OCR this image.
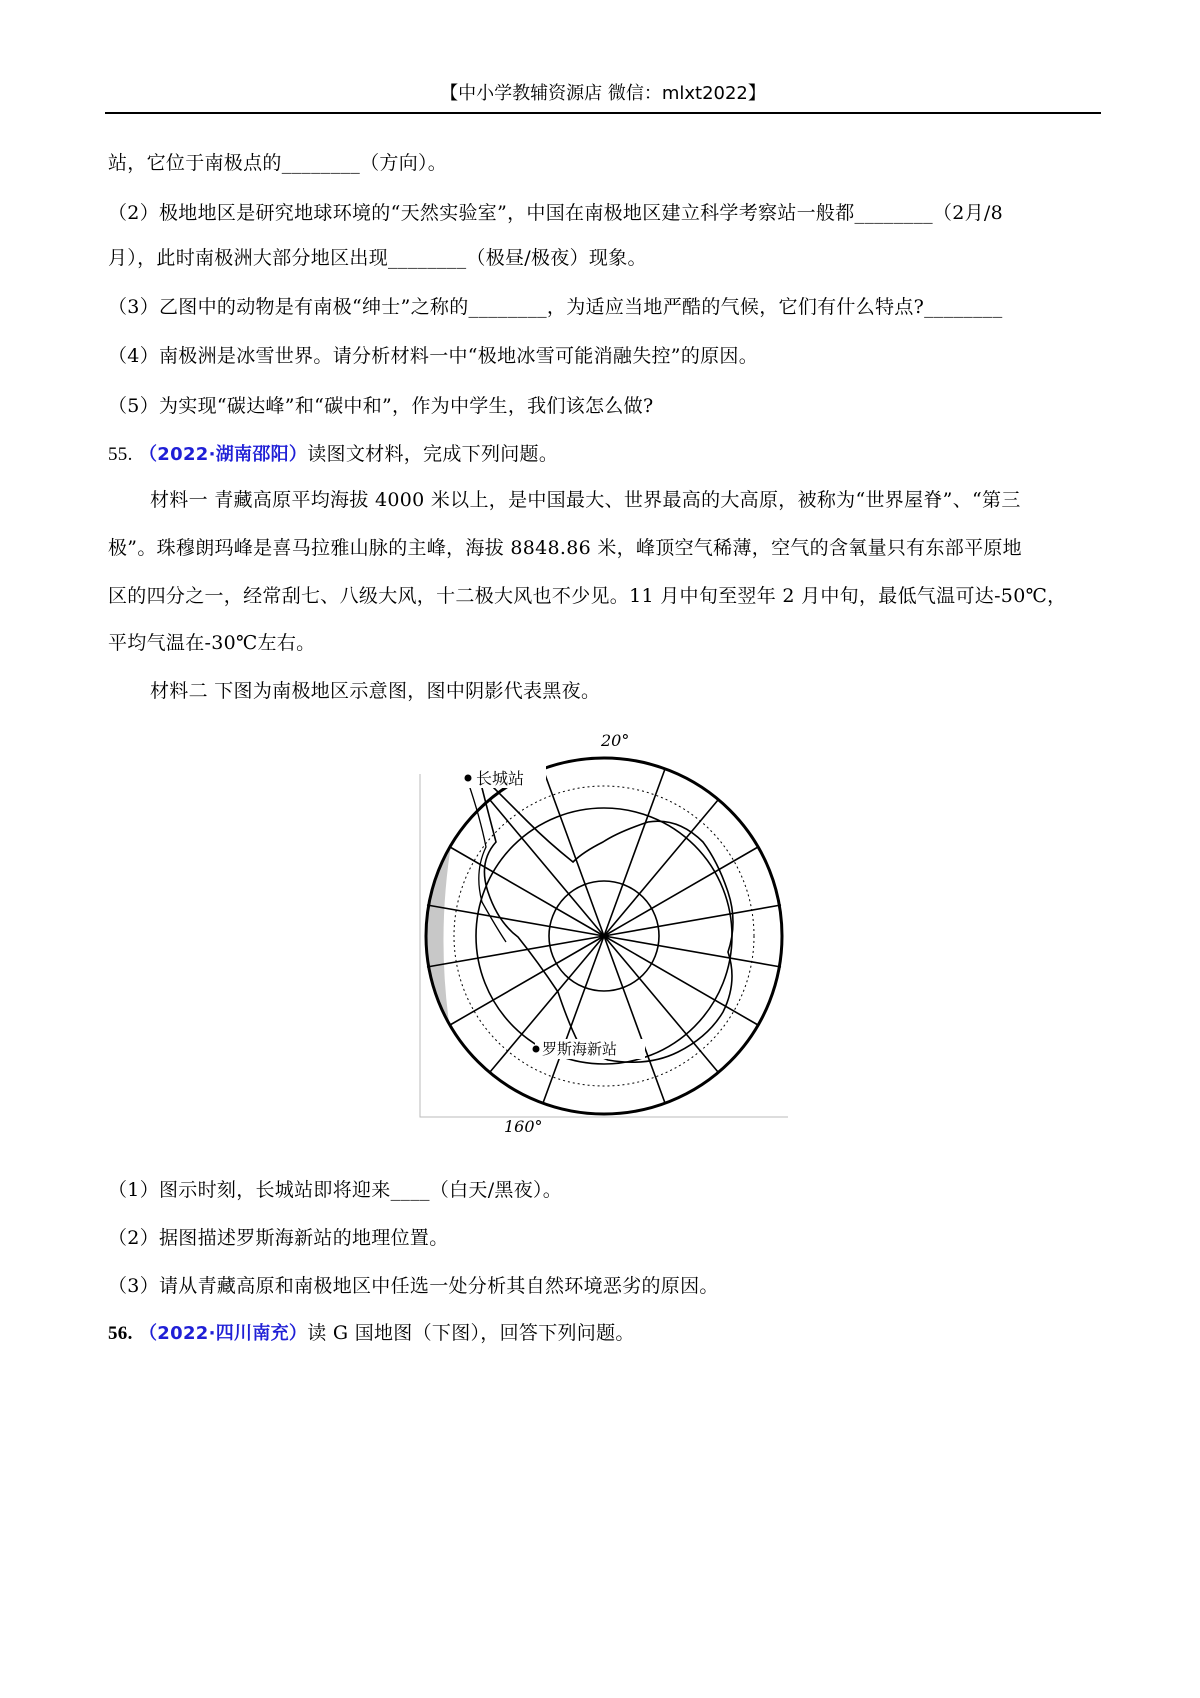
【中小学教辅资源店 微信：mlxt2022】
站，它位于南极点的________（方向）。
（2）极地地区是研究地球环境的“天然实验室”，中国在南极地区建立科学考察站一般都________（2月/8
月），此时南极洲大部分地区出现________（极昼/极夜）现象。
（3）乙图中的动物是有南极“绅士”之称的________，为适应当地严酷的气候，它们有什么特点?________
（4）南极洲是冰雪世界。请分析材料一中“极地冰雪可能消融失控”的原因。
（5）为实现“碳达峰”和“碳中和”，作为中学生，我们该怎么做?
55. （2022·湖南邵阳）读图文材料，完成下列问题。
材料一 青藏高原平均海拔 4000 米以上，是中国最大、世界最高的大高原，被称为“世界屋脊”、“第三
极”。珠穆朗玛峰是喜马拉雅山脉的主峰，海拔 8848.86 米，峰顶空气稀薄，空气的含氧量只有东部平原地
区的四分之一，经常刮七、八级大风，十二极大风也不少见。11 月中旬至翌年 2 月中旬，最低气温可达-50℃，
平均气温在-30℃左右。
材料二 下图为南极地区示意图，图中阴影代表黑夜。
20°
160°
长城站
罗斯海新站
（1）图示时刻，长城站即将迎来____（白天/黑夜）。
（2）据图描述罗斯海新站的地理位置。
（3）请从青藏高原和南极地区中任选一处分析其自然环境恶劣的原因。
56. （2022·四川南充）读 G 国地图（下图），回答下列问题。
